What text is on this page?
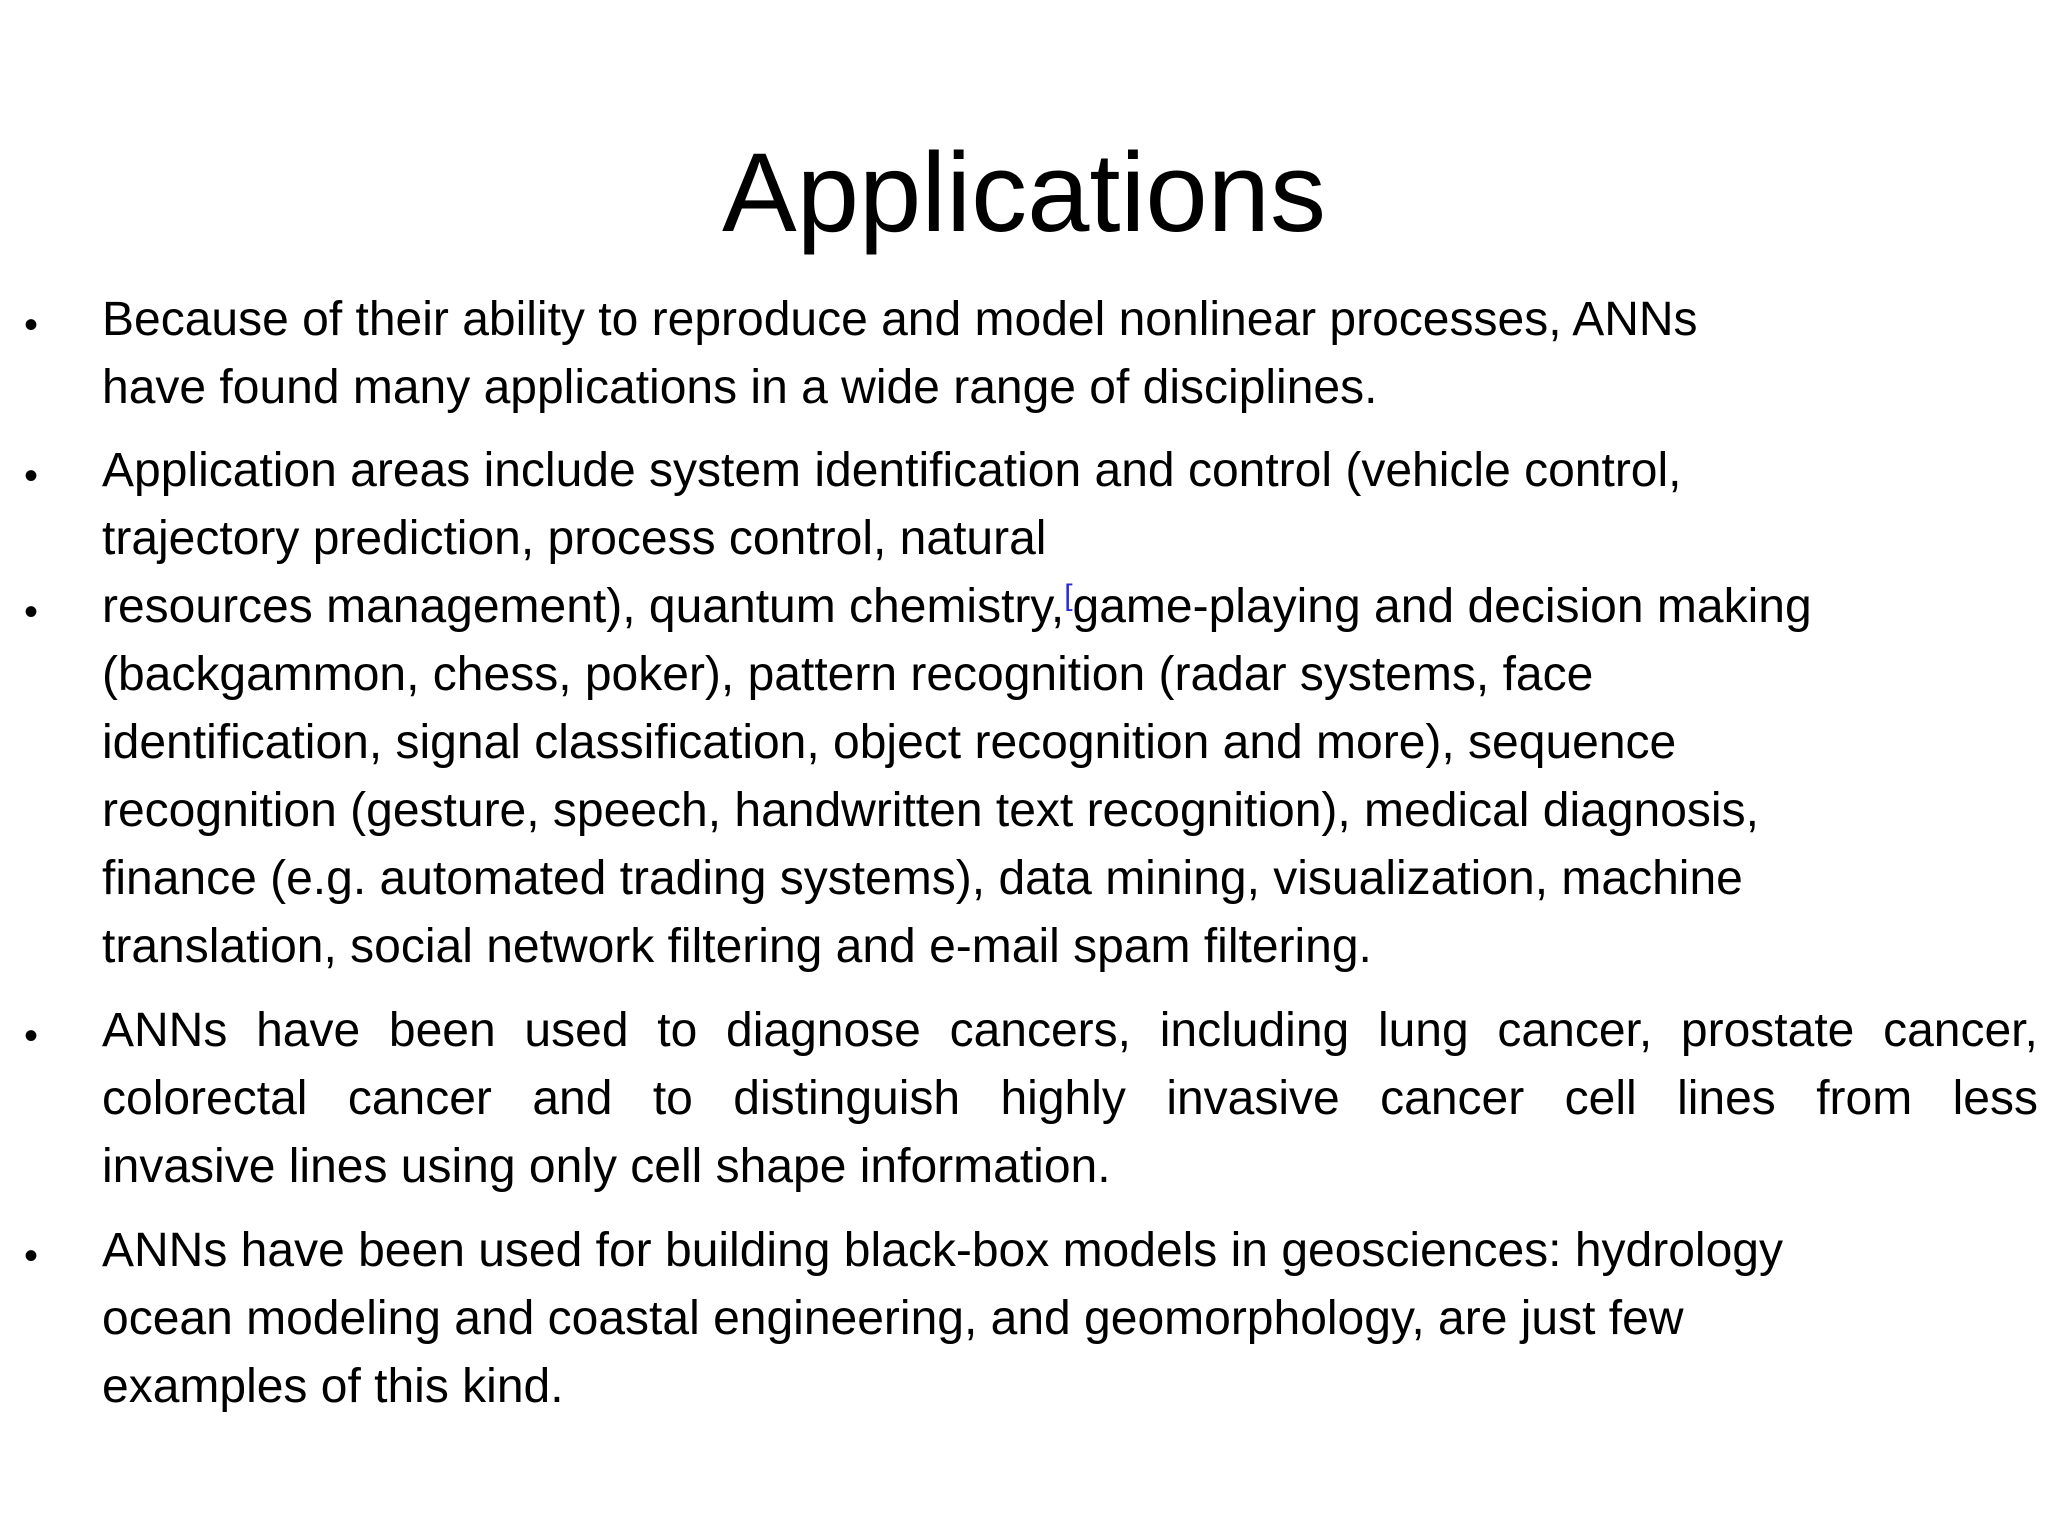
Applications
• Because of their ability to reproduce and model nonlinear processes, ANNs
have found many applications in a wide range of disciplines.
• Application areas include system identification and control (vehicle control,
trajectory prediction, process control, natural
• resources management), quantum chemistry,[game-playing and decision making
(backgammon, chess, poker), pattern recognition (radar systems, face
identification, signal classification, object recognition and more), sequence
recognition (gesture, speech, handwritten text recognition), medical diagnosis,
finance (e.g. automated trading systems), data mining, visualization, machine
translation, social network filtering and e-mail spam filtering.
• ANNs have been used to diagnose cancers, including lung cancer, prostate cancer,
colorectal cancer and to distinguish highly invasive cancer cell lines from less
invasive lines using only cell shape information.
• ANNs have been used for building black-box models in geosciences: hydrology
ocean modeling and coastal engineering, and geomorphology, are just few
examples of this kind.
